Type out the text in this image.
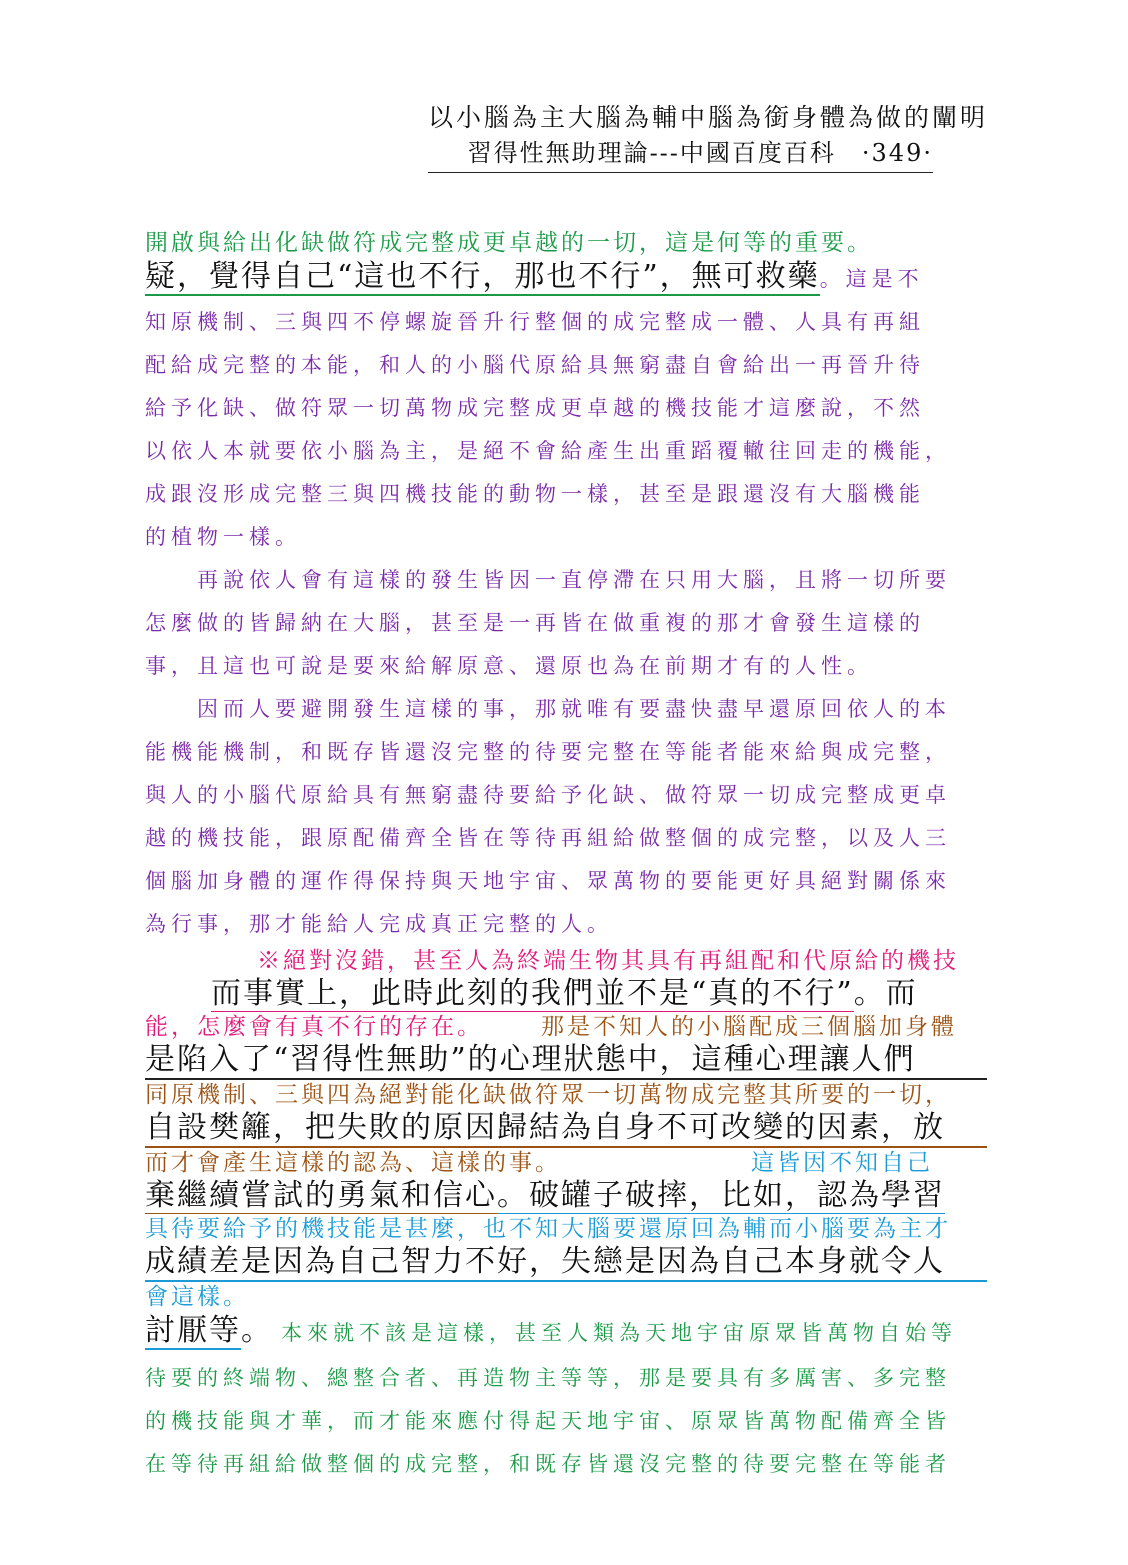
以小腦為主大腦為輔中腦為銜身體為做的闡明
習得性無助理論---中國百度百科　·349·
開啟與給出化缺做符成完整成更卓越的一切，這是何等的重要。
疑，覺得自己“這也不行，那也不行”，無可救藥。這是不
知原機制、三與四不停螺旋晉升行整個的成完整成一體、人具有再組
配給成完整的本能，和人的小腦代原給具無窮盡自會給出一再晉升待
給予化缺、做符眾一切萬物成完整成更卓越的機技能才這麼說，不然
以依人本就要依小腦為主，是絕不會給產生出重蹈覆轍往回走的機能，
成跟沒形成完整三與四機技能的動物一樣，甚至是跟還沒有大腦機能
的植物一樣。
再說依人會有這樣的發生皆因一直停滯在只用大腦，且將一切所要
怎麼做的皆歸納在大腦，甚至是一再皆在做重複的那才會發生這樣的
事，且這也可說是要來給解原意、還原也為在前期才有的人性。
因而人要避開發生這樣的事，那就唯有要盡快盡早還原回依人的本
能機能機制，和既存皆還沒完整的待要完整在等能者能來給與成完整，
與人的小腦代原給具有無窮盡待要給予化缺、做符眾一切成完整成更卓
越的機技能，跟原配備齊全皆在等待再組給做整個的成完整，以及人三
個腦加身體的運作得保持與天地宇宙、眾萬物的要能更好具絕對關係來
為行事，那才能給人完成真正完整的人。
※絕對沒錯，甚至人為終端生物其具有再組配和代原給的機技
而事實上，此時此刻的我們並不是“真的不行”。而
能，怎麼會有真不行的存在。	那是不知人的小腦配成三個腦加身體
是陷入了“習得性無助”的心理狀態中，這種心理讓人們
同原機制、三與四為絕對能化缺做符眾一切萬物成完整其所要的一切，
自設樊籬，把失敗的原因歸結為自身不可改變的因素，放
而才會產生這樣的認為、這樣的事。	這皆因不知自己
棄繼續嘗試的勇氣和信心。破罐子破摔，比如，認為學習
具待要給予的機技能是甚麼，也不知大腦要還原回為輔而小腦要為主才
成績差是因為自己智力不好，失戀是因為自己本身就令人
會這樣。
討厭等。 本來就不該是這樣，甚至人類為天地宇宙原眾皆萬物自始等
待要的終端物、總整合者、再造物主等等，那是要具有多厲害、多完整
的機技能與才華，而才能來應付得起天地宇宙、原眾皆萬物配備齊全皆
在等待再組給做整個的成完整，和既存皆還沒完整的待要完整在等能者
